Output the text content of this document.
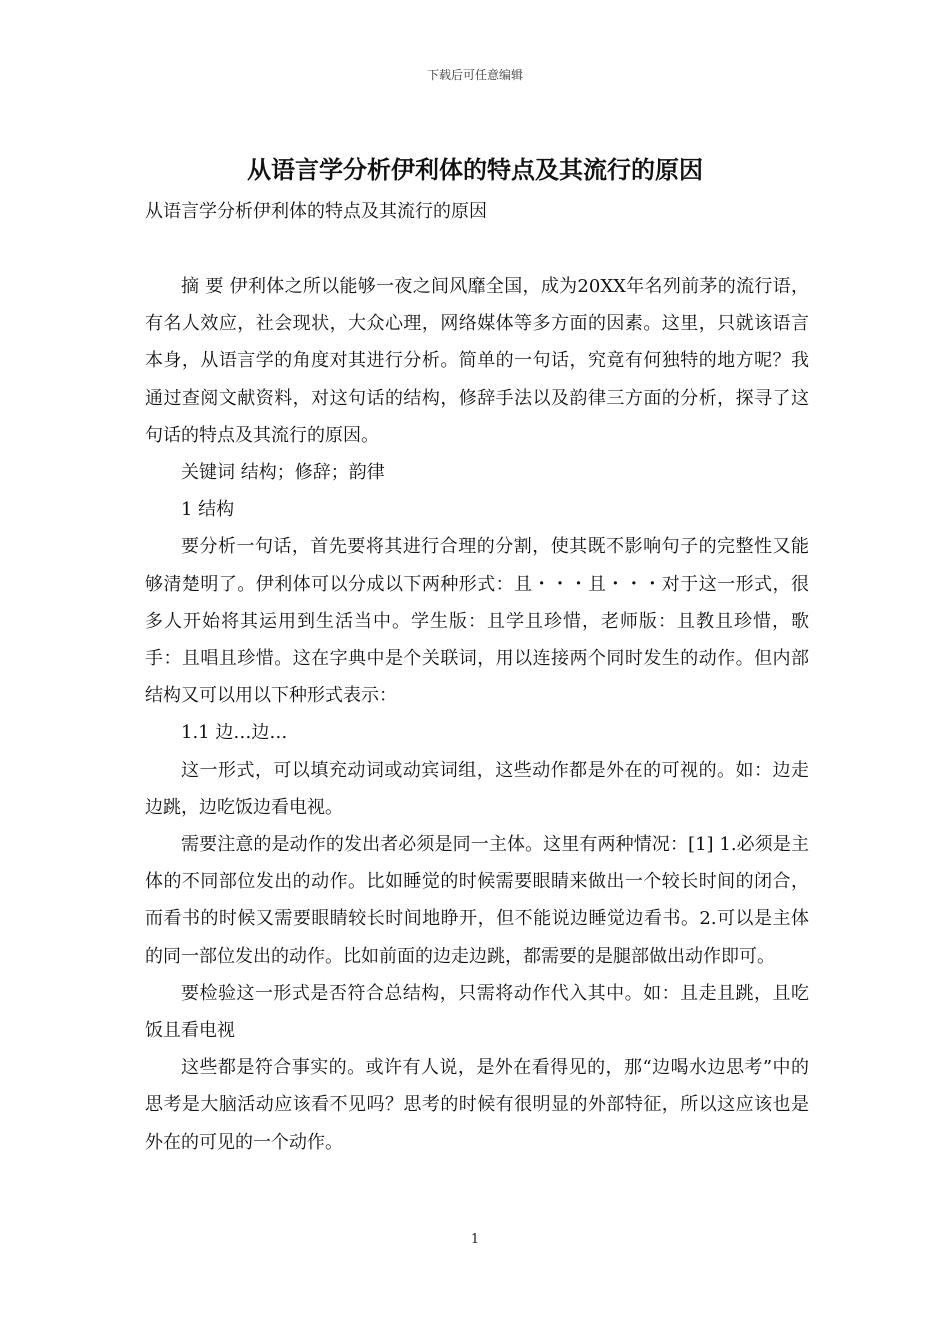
下载后可任意编辑
从语言学分析伊利体的特点及其流行的原因

从语言学分析伊利体的特点及其流行的原因

摘 要 伊利体之所以能够一夜之间风靡全国，成为20XX年名列前茅的流行语，有名人效应，社会现状，大众心理，网络媒体等多方面的因素。这里，只就该语言本身，从语言学的角度对其进行分析。简单的一句话，究竟有何独特的地方呢？我通过查阅文献资料，对这句话的结构，修辞手法以及韵律三方面的分析，探寻了这句话的特点及其流行的原因。

关键词 结构；修辞；韵律

1 结构

要分析一句话，首先要将其进行合理的分割，使其既不影响句子的完整性又能够清楚明了。伊利体可以分成以下两种形式：且・・・且・・・对于这一形式，很多人开始将其运用到生活当中。学生版：且学且珍惜，老师版：且教且珍惜，歌手：且唱且珍惜。这在字典中是个关联词，用以连接两个同时发生的动作。但内部结构又可以用以下种形式表示：

1.1 边…边…

这一形式，可以填充动词或动宾词组，这些动作都是外在的可视的。如：边走边跳，边吃饭边看电视。

需要注意的是动作的发出者必须是同一主体。这里有两种情况：[1] 1.必须是主体的不同部位发出的动作。比如睡觉的时候需要眼睛来做出一个较长时间的闭合，而看书的时候又需要眼睛较长时间地睁开，但不能说边睡觉边看书。2.可以是主体的同一部位发出的动作。比如前面的边走边跳，都需要的是腿部做出动作即可。

要检验这一形式是否符合总结构，只需将动作代入其中。如：且走且跳，且吃饭且看电视

这些都是符合事实的。或许有人说，是外在看得见的，那“边喝水边思考”中的思考是大脑活动应该看不见吗？思考的时候有很明显的外部特征，所以这应该也是外在的可见的一个动作。

1
